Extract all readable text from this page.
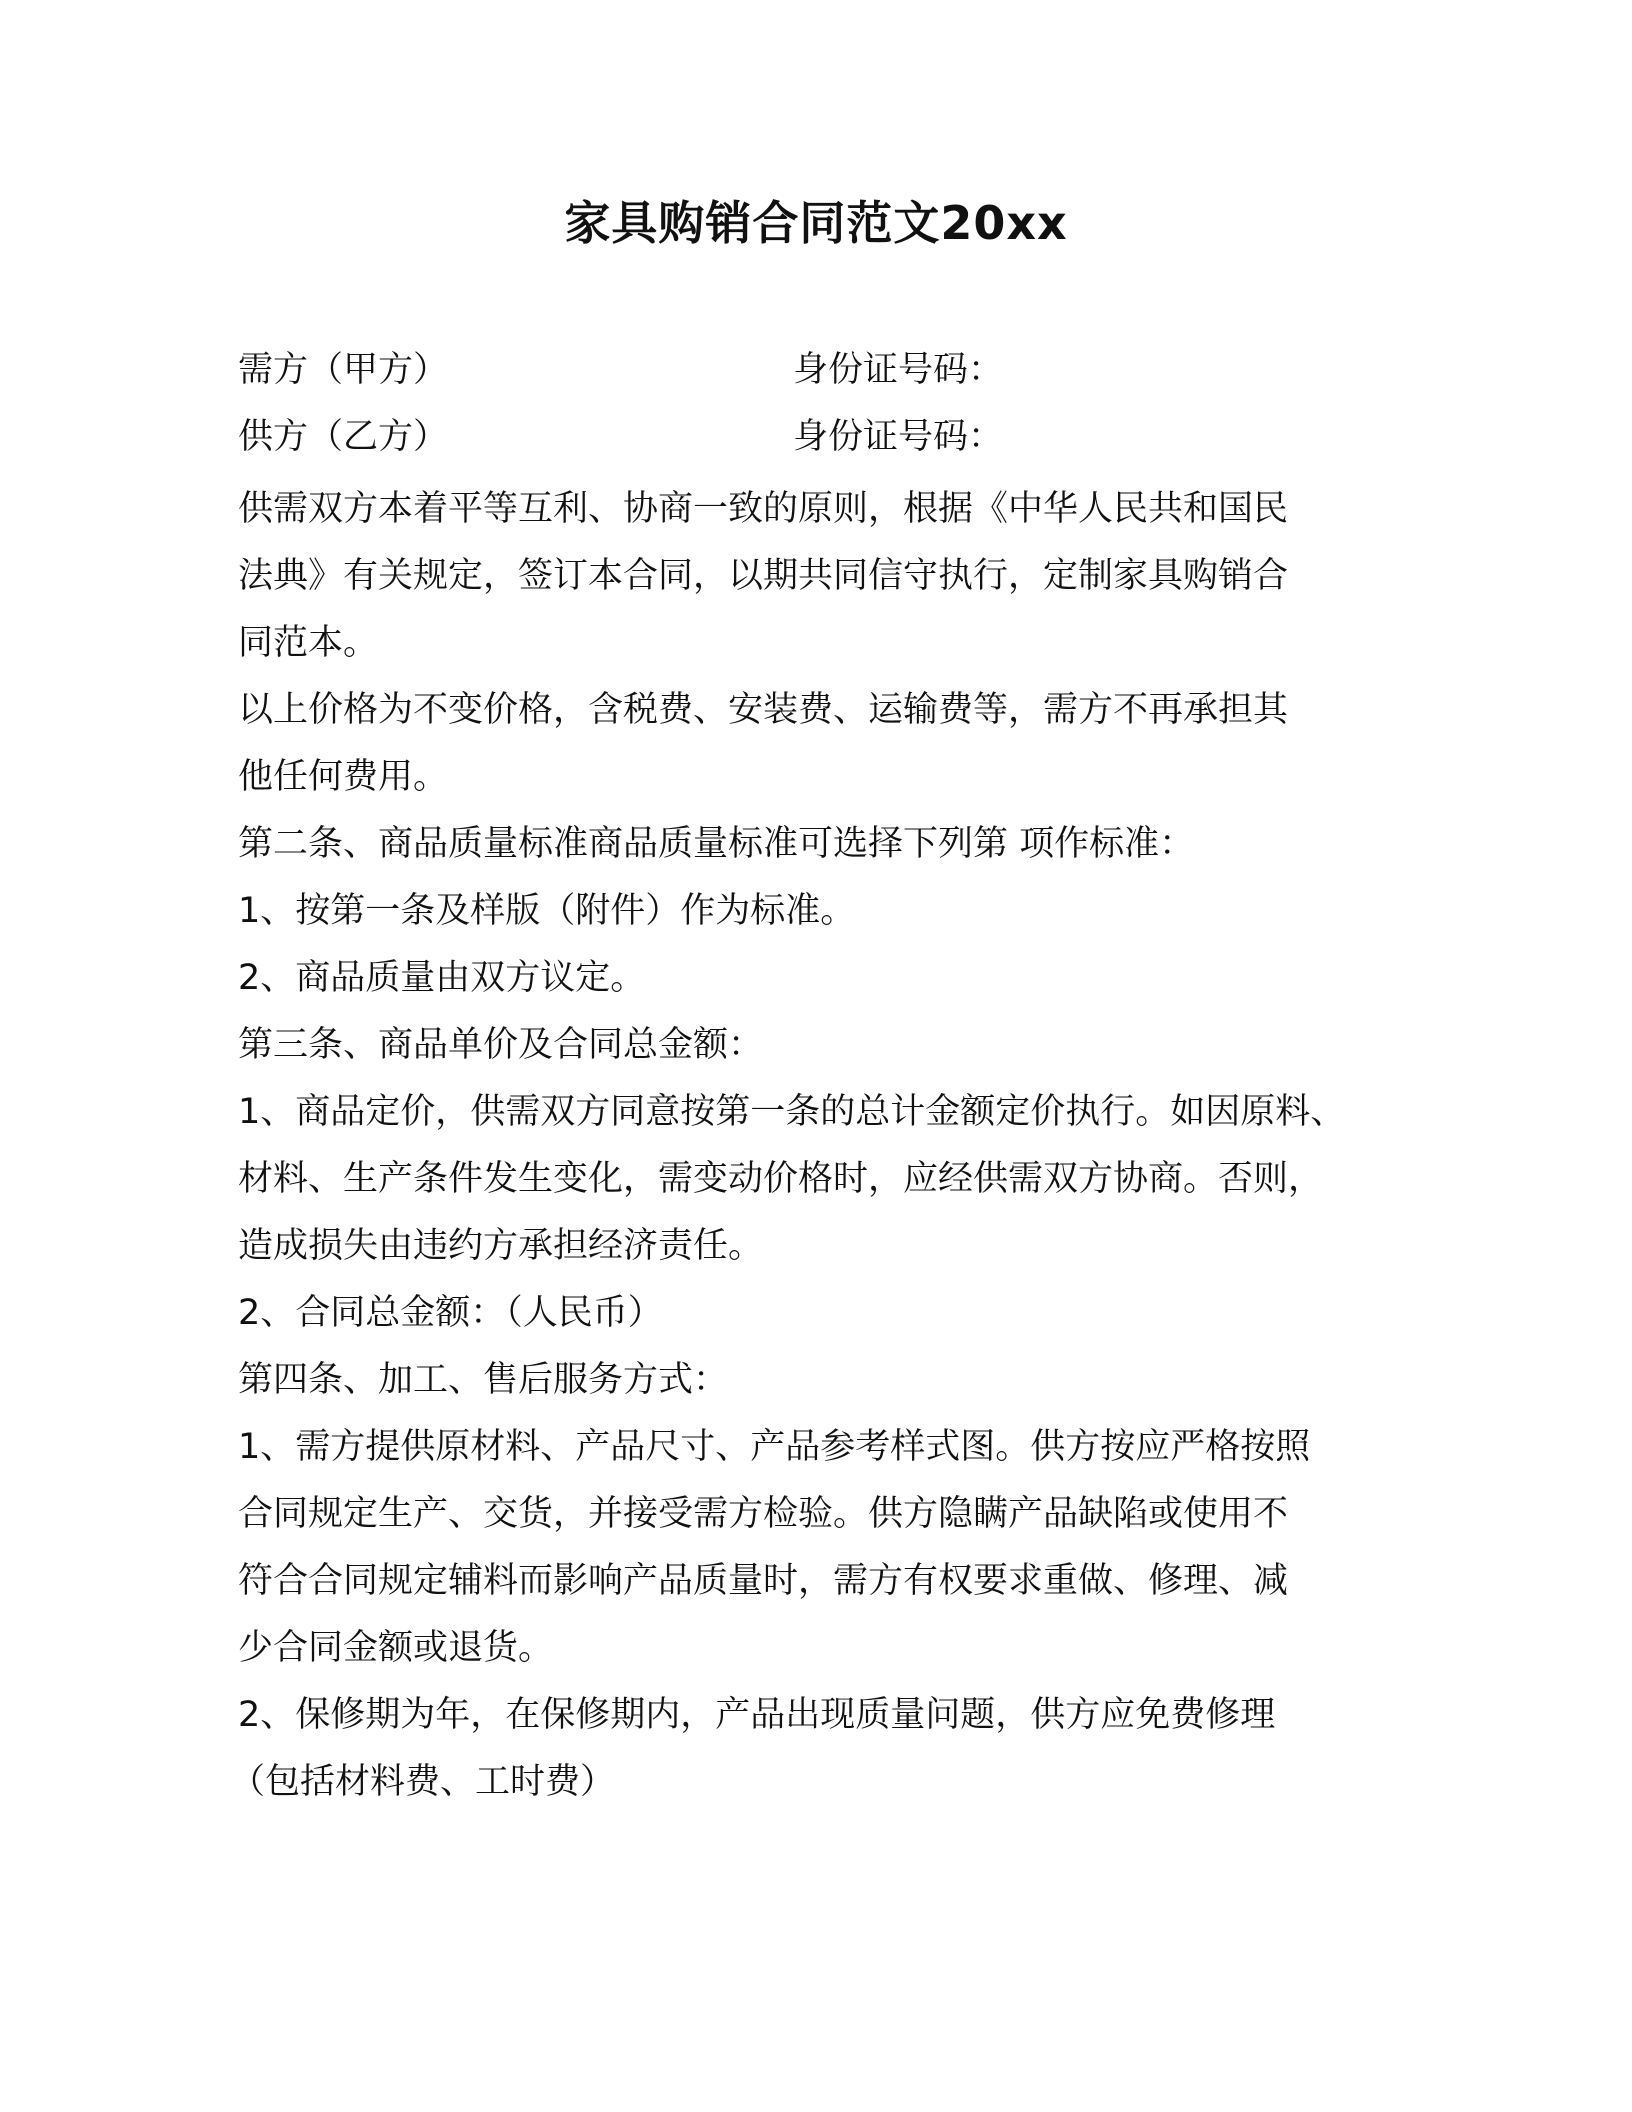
家具购销合同范文20xx
需方（甲方）	身份证号码：
供方（乙方）	身份证号码：
供需双方本着平等互利、协商一致的原则，根据《中华人民共和国民
法典》有关规定，签订本合同，以期共同信守执行，定制家具购销合
同范本。
以上价格为不变价格，含税费、安装费、运输费等，需方不再承担其
他任何费用。
第二条、商品质量标准商品质量标准可选择下列第 项作标准：
1、按第一条及样版（附件）作为标准。
2、商品质量由双方议定。
第三条、商品单价及合同总金额：
1、商品定价，供需双方同意按第一条的总计金额定价执行。如因原料、
材料、生产条件发生变化，需变动价格时，应经供需双方协商。否则，
造成损失由违约方承担经济责任。
2、合同总金额：（人民币）
第四条、加工、售后服务方式：
1、需方提供原材料、产品尺寸、产品参考样式图。供方按应严格按照
合同规定生产、交货，并接受需方检验。供方隐瞒产品缺陷或使用不
符合合同规定辅料而影响产品质量时，需方有权要求重做、修理、减
少合同金额或退货。
2、保修期为年，在保修期内，产品出现质量问题，供方应免费修理
（包括材料费、工时费）
